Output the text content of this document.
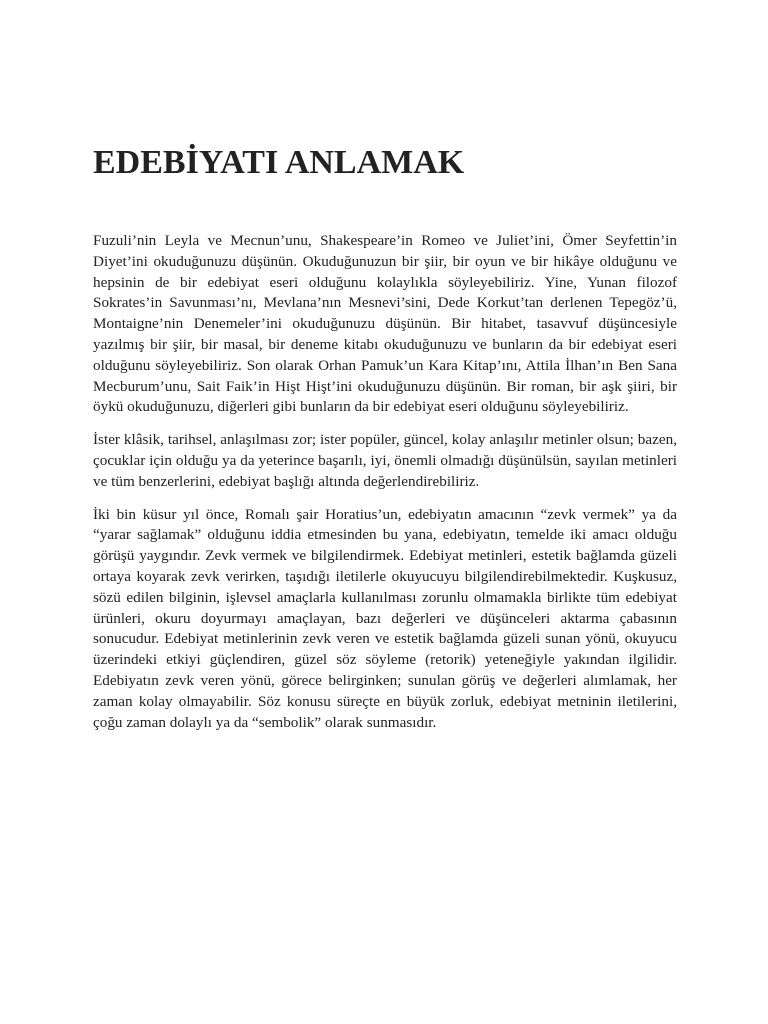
EDEBİYATI ANLAMAK

Fuzuli’nin Leyla ve Mecnun’unu, Shakespeare’in Romeo ve Juliet’ini, Ömer Seyfettin’in Diyet’ini okuduğunuzu düşünün. Okuduğunuzun bir şiir, bir oyun ve bir hikâye olduğunu ve hepsinin de bir edebiyat eseri olduğunu kolaylıkla söyleyebiliriz. Yine, Yunan filozof Sokrates’in Savunması’nı, Mevlana’nın Mesnevi’sini, Dede Korkut’tan derlenen Tepegöz’ü, Montaigne’nin Denemeler’ini okuduğunuzu düşünün. Bir hitabet, tasavvuf düşüncesiyle yazılmış bir şiir, bir masal, bir deneme kitabı okuduğunuzu ve bunların da bir edebiyat eseri olduğunu söyleyebiliriz. Son olarak Orhan Pamuk’un Kara Kitap’ını, Attila İlhan’ın Ben Sana Mecburum’unu, Sait Faik’in Hişt Hişt’ini okuduğunuzu düşünün. Bir roman, bir aşk şiiri, bir öykü okuduğunuzu, diğerleri gibi bunların da bir edebiyat eseri olduğunu söyleyebiliriz.

İster klâsik, tarihsel, anlaşılması zor; ister popüler, güncel, kolay anlaşılır metinler olsun; bazen, çocuklar için olduğu ya da yeterince başarılı, iyi, önemli olmadığı düşünülsün, sayılan metinleri ve tüm benzerlerini, edebiyat başlığı altında değerlendirebiliriz.

İki bin küsur yıl önce, Romalı şair Horatius’un, edebiyatın amacının “zevk vermek” ya da “yarar sağlamak” olduğunu iddia etmesinden bu yana, edebiyatın, temelde iki amacı olduğu görüşü yaygındır. Zevk vermek ve bilgilendirmek. Edebiyat metinleri, estetik bağlamda güzeli ortaya koyarak zevk verirken, taşıdığı iletilerle okuyucuyu bilgilendirebilmektedir. Kuşkusuz, sözü edilen bilginin, işlevsel amaçlarla kullanılması zorunlu olmamakla birlikte tüm edebiyat ürünleri, okuru doyurmayı amaçlayan, bazı değerleri ve düşünceleri aktarma çabasının sonucudur. Edebiyat metinlerinin zevk veren ve estetik bağlamda güzeli sunan yönü, okuyucu üzerindeki etkiyi güçlendiren, güzel söz söyleme (retorik) yeteneğiyle yakından ilgilidir. Edebiyatın zevk veren yönü, görece belirginken; sunulan görüş ve değerleri alımlamak, her zaman kolay olmayabilir. Söz konusu süreçte en büyük zorluk, edebiyat metninin iletilerini, çoğu zaman dolaylı ya da “sembolik” olarak sunmasıdır.
